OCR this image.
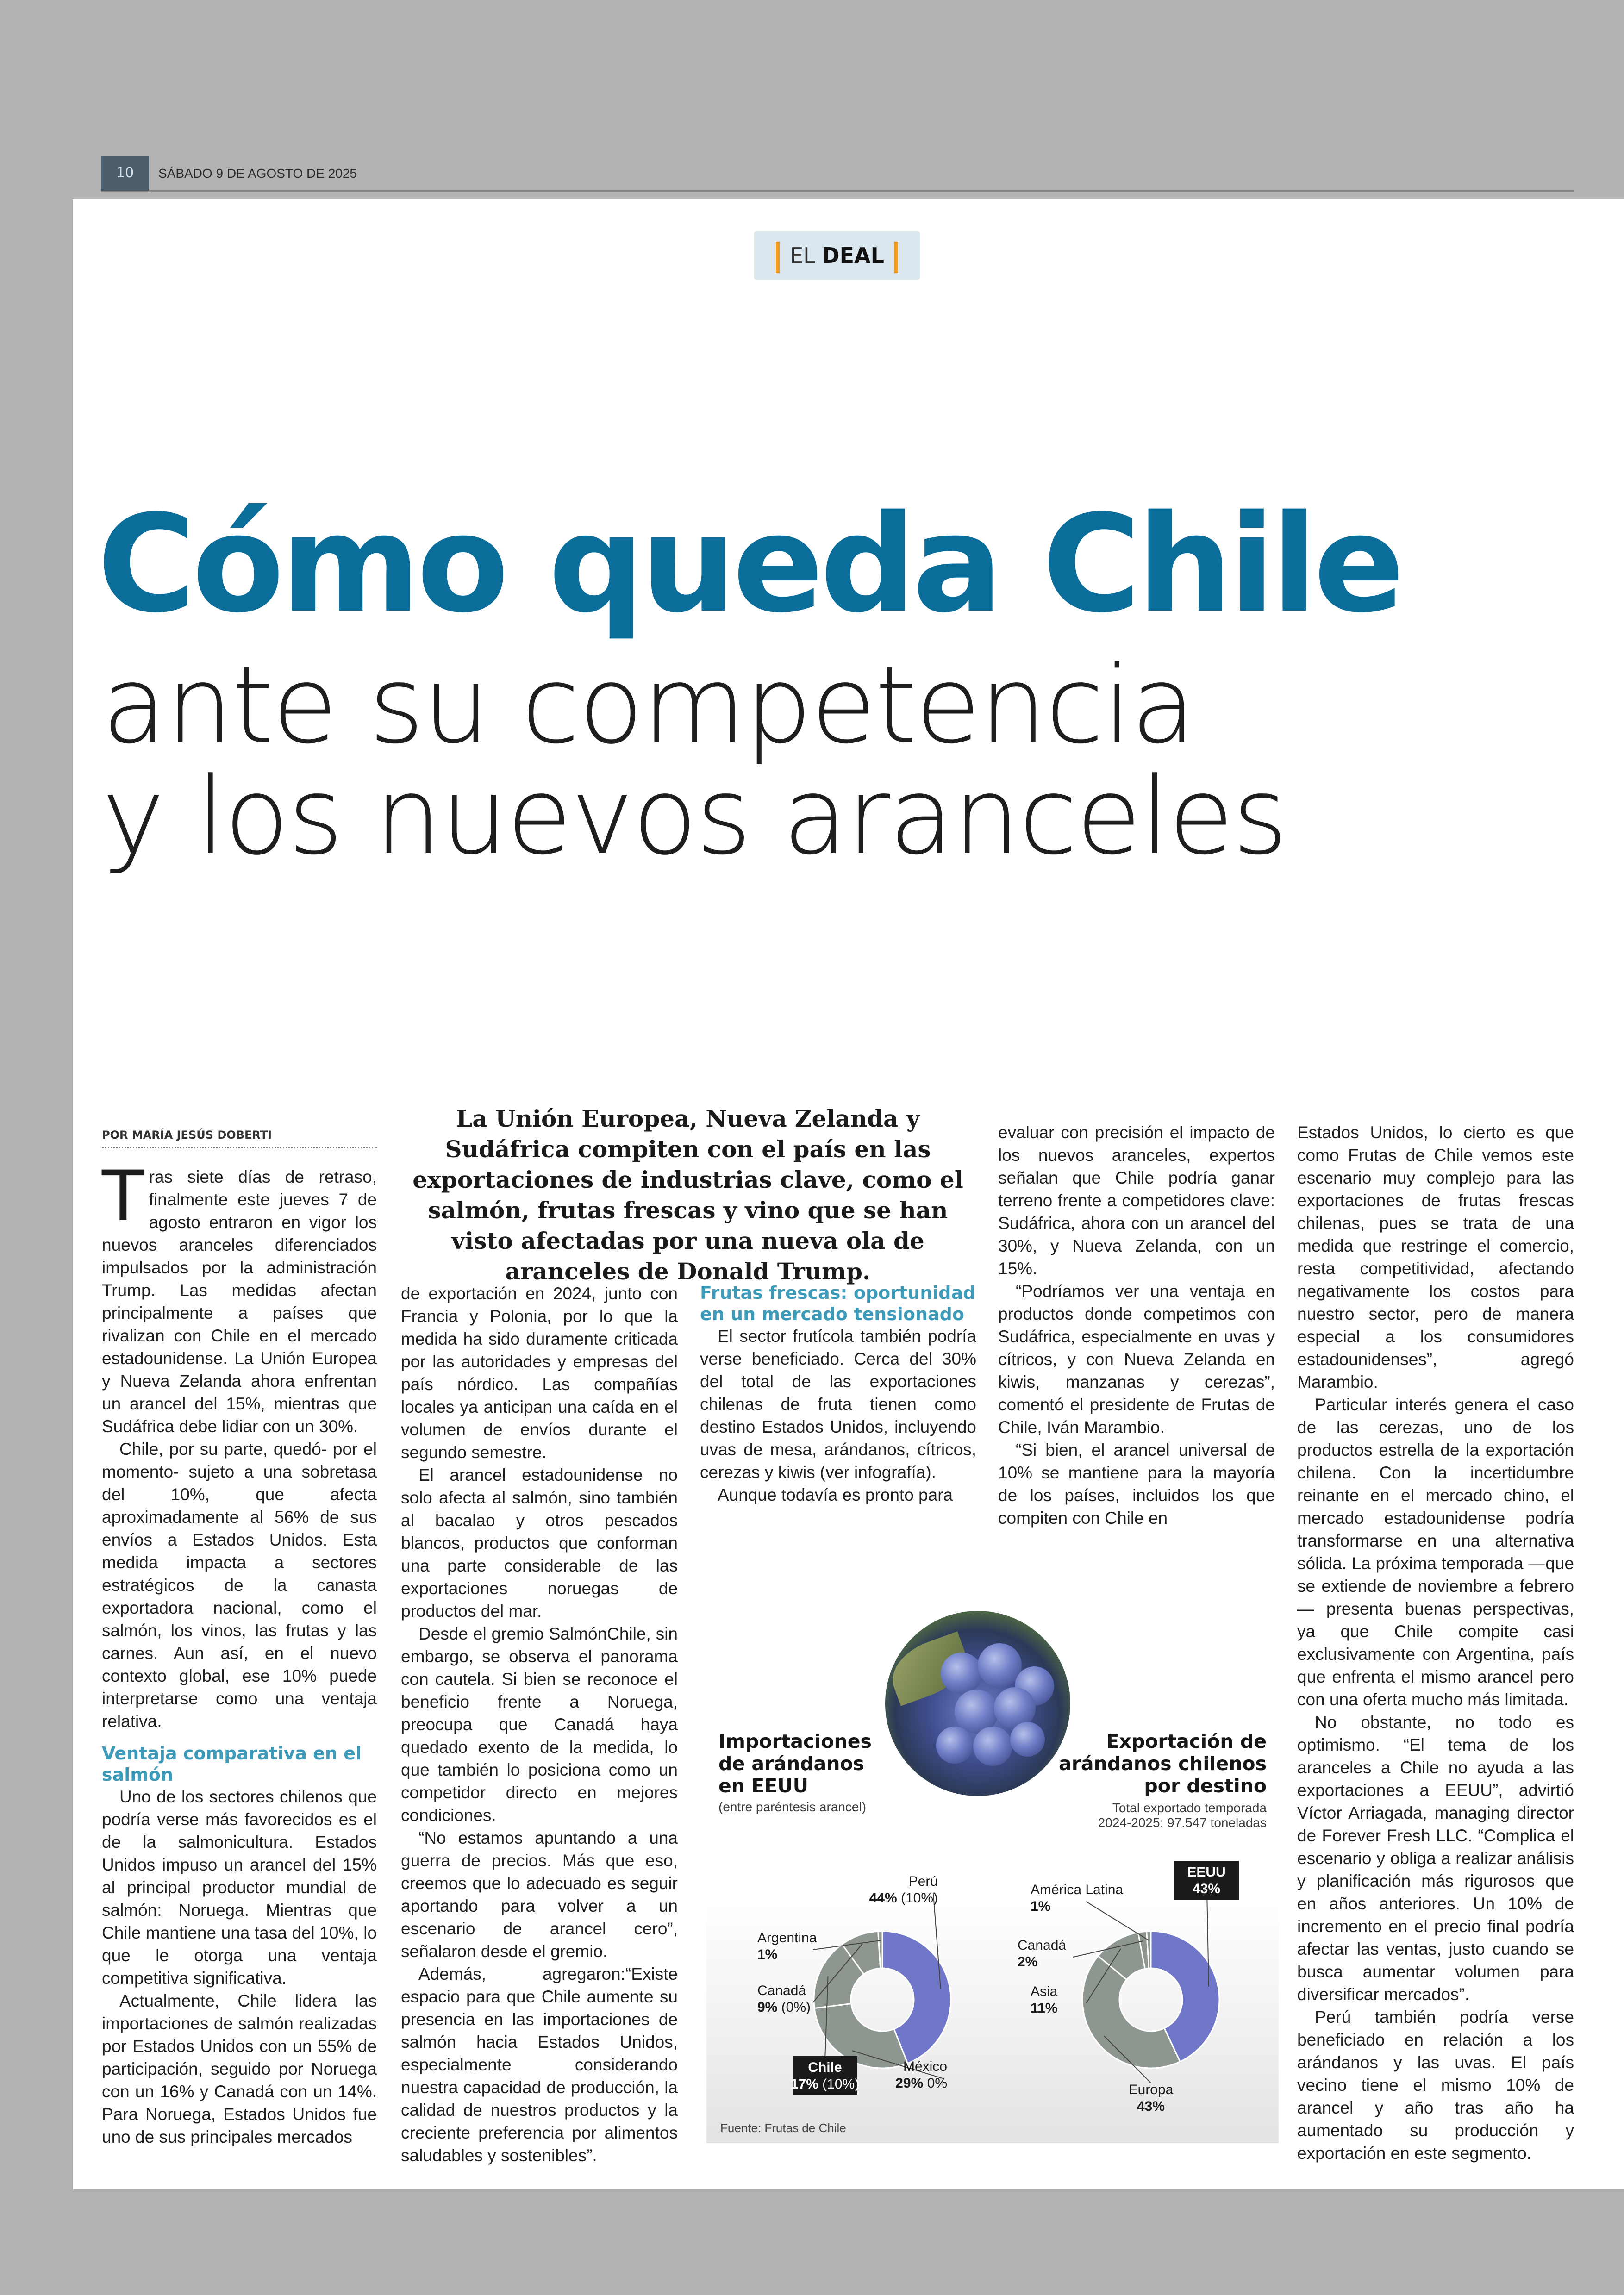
10	SÁBADO 9 DE AGOSTO DE 2025
EL DEAL
Cómo queda Chile
ante su competencia
y los nuevos aranceles
POR MARÍA JESÚS DOBERTI
La Unión Europea, Nueva Zelanda y Sudáfrica compiten con el país en las exportaciones de industrias clave, como el salmón, frutas frescas y vino que se han visto afectadas por una nueva ola de aranceles de Donald Trump.
T ras siete días de retraso, finalmente este jueves 7 de agosto entraron en vigor los nuevos aranceles diferenciados impulsados por la administración Trump. Las medidas afectan principalmente a países que rivalizan con Chile en el mercado estadounidense. La Unión Europea y Nueva Zelanda ahora enfrentan un arancel del 15%, mientras que Sudáfrica debe lidiar con un 30%.

Chile, por su parte, quedó- por el momento- sujeto a una sobretasa del 10%, que afecta aproximadamente al 56% de sus envíos a Estados Unidos. Esta medida impacta a sectores estratégicos de la canasta exportadora nacional, como el salmón, los vinos, las frutas y las carnes. Aun así, en el nuevo contexto global, ese 10% puede interpretarse como una ventaja relativa.

Ventaja comparativa en el salmón

Uno de los sectores chilenos que podría verse más favorecidos es el de la salmonicultura. Estados Unidos impuso un arancel del 15% al principal productor mundial de salmón: Noruega. Mientras que Chile mantiene una tasa del 10%, lo que le otorga una ventaja competitiva significativa.

Actualmente, Chile lidera las importaciones de salmón realizadas por Estados Unidos con un 55% de participación, seguido por Noruega con un 16% y Canadá con un 14%. Para Noruega, Estados Unidos fue uno de sus principales mercados

de exportación en 2024, junto con Francia y Polonia, por lo que la medida ha sido duramente criticada por las autoridades y empresas del país nórdico. Las compañías locales ya anticipan una caída en el volumen de envíos durante el segundo semestre.

El arancel estadounidense no solo afecta al salmón, sino también al bacalao y otros pescados blancos, productos que conforman una parte considerable de las exportaciones noruegas de productos del mar.

Desde el gremio SalmónChile, sin embargo, se observa el panorama con cautela. Si bien se reconoce el beneficio frente a Noruega, preocupa que Canadá haya quedado exento de la medida, lo que también lo posiciona como un competidor directo en mejores condiciones.

“No estamos apuntando a una guerra de precios. Más que eso, creemos que lo adecuado es seguir aportando para volver a un escenario de arancel cero”, señalaron desde el gremio.

Además, agregaron:“Existe espacio para que Chile aumente su presencia en las importaciones de salmón hacia Estados Unidos, especialmente considerando nuestra capacidad de producción, la calidad de nuestros productos y la creciente preferencia por alimentos saludables y sostenibles”.

Frutas frescas: oportunidad en un mercado tensionado

El sector frutícola también podría verse beneficiado. Cerca del 30% del total de las exportaciones chilenas de fruta tienen como destino Estados Unidos, incluyendo uvas de mesa, arándanos, cítricos, cerezas y kiwis (ver infografía).

Aunque todavía es pronto para

evaluar con precisión el impacto de los nuevos aranceles, expertos señalan que Chile podría ganar terreno frente a competidores clave: Sudáfrica, ahora con un arancel del 30%, y Nueva Zelanda, con un 15%.

“Podríamos ver una ventaja en productos donde competimos con Sudáfrica, especialmente en uvas y cítricos, y con Nueva Zelanda en kiwis, manzanas y cerezas”, comentó el presidente de Frutas de Chile, Iván Marambio.

“Si bien, el arancel universal de 10% se mantiene para la mayoría de los países, incluidos los que compiten con Chile en

Estados Unidos, lo cierto es que como Frutas de Chile vemos este escenario muy complejo para las exportaciones de frutas frescas chilenas, pues se trata de una medida que restringe el comercio, resta competitividad, afectando negativamente los costos para nuestro sector, pero de manera especial a los consumidores estadounidenses”, agregó Marambio.

Particular interés genera el caso de las cerezas, uno de los productos estrella de la exportación chilena. Con la incertidumbre reinante en el mercado chino, el mercado estadounidense podría transformarse en una alternativa sólida. La próxima temporada —que se extiende de noviembre a febrero— presenta buenas perspectivas, ya que Chile compite casi exclusivamente con Argentina, país que enfrenta el mismo arancel pero con una oferta mucho más limitada.

No obstante, no todo es optimismo. “El tema de los aranceles a Chile no ayuda a las exportaciones a EEUU”, advirtió Víctor Arriagada, managing director de Forever Fresh LLC. “Complica el escenario y obliga a realizar análisis y planificación más rigurosos que en años anteriores. Un 10% de incremento en el precio final podría afectar las ventas, justo cuando se busca aumentar volumen para diversificar mercados”.

Perú también podría verse beneficiado en relación a los arándanos y las uvas. El país vecino tiene el mismo 10% de arancel y año tras año ha aumentado su producción y exportación en este segmento.

Importaciones de arándanos en EEUU
(entre paréntesis arancel)
Exportación de arándanos chilenos por destino
Total exportado temporada
2024-2025: 97.547 toneladas
Perú
44% (10%)
México
29% 0%
Chile
17% (10%)
Canadá
9% (0%)
Argentina
1%
EEUU
43%
Europa
43%
Asia
11%
Canadá
2%
América Latina
1%
Fuente: Frutas de Chile
